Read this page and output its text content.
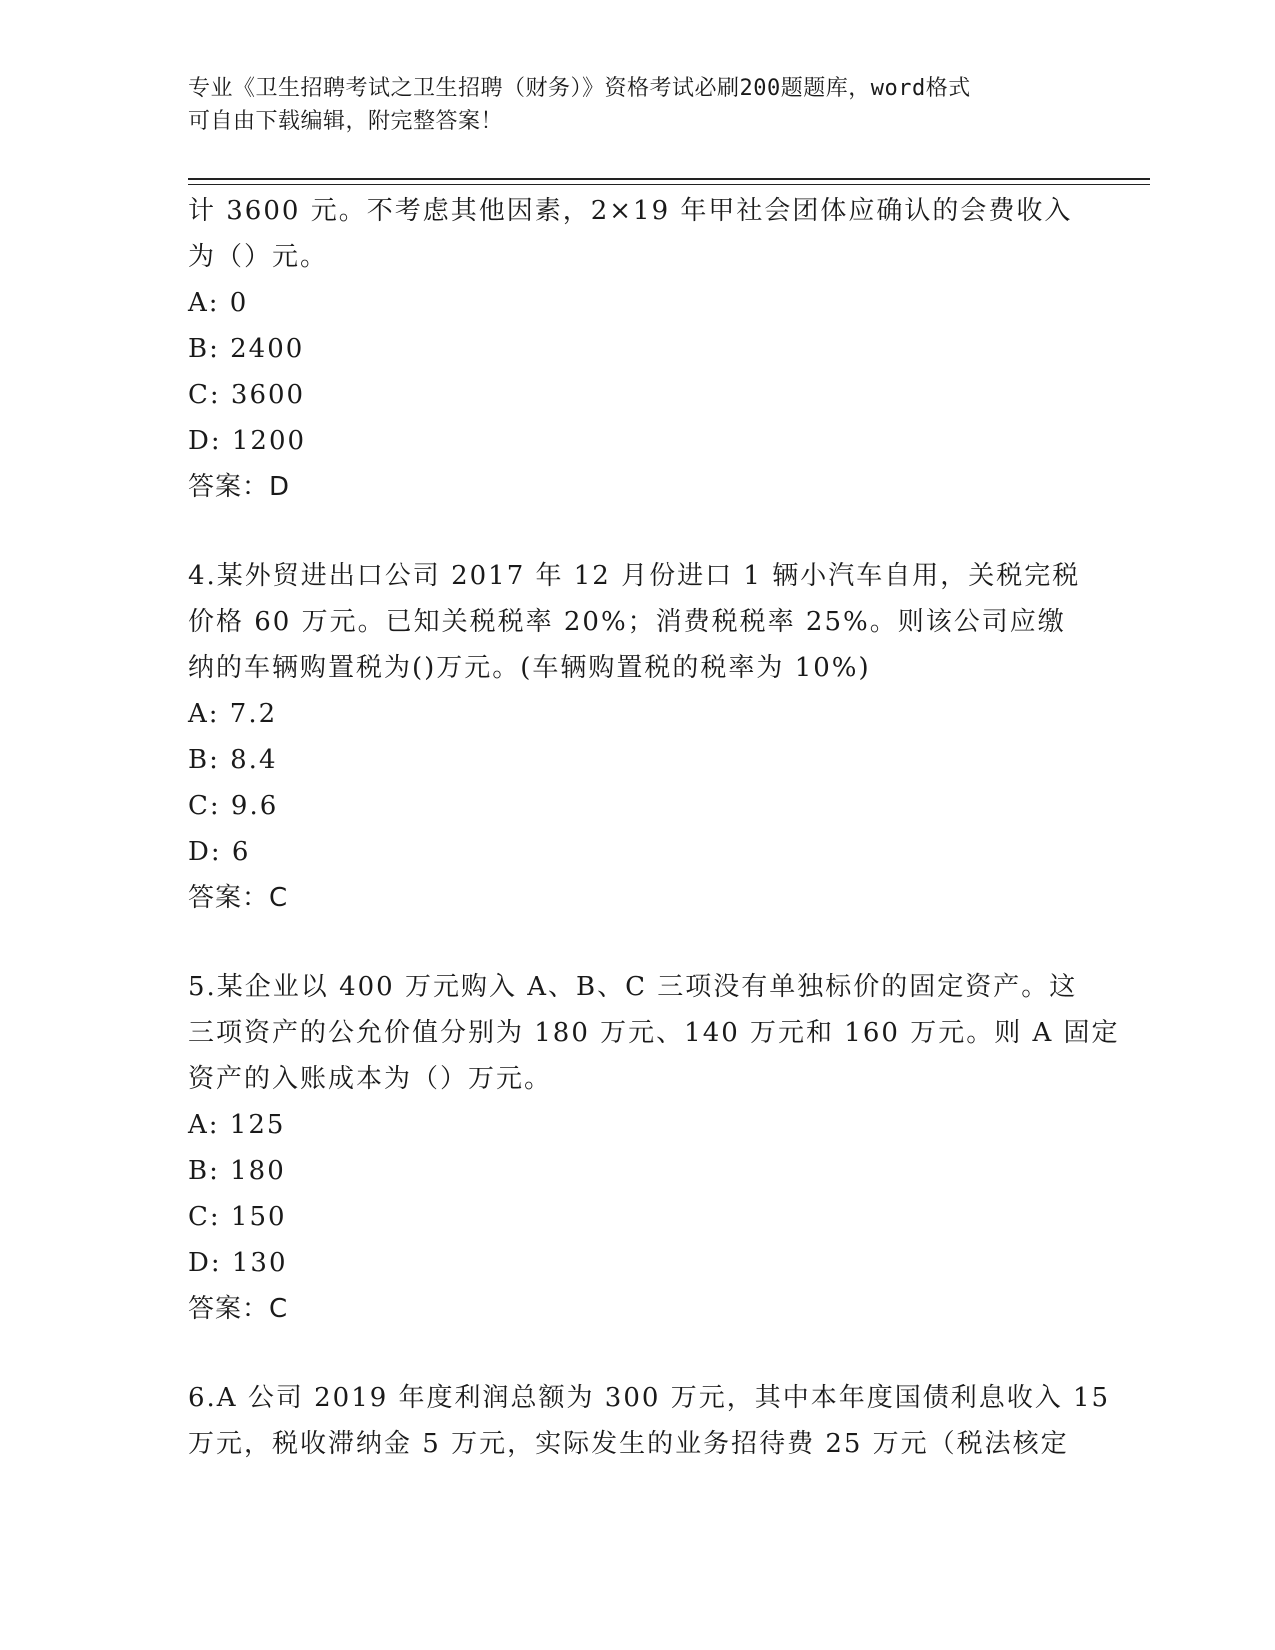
专业《卫生招聘考试之卫生招聘（财务）》资格考试必刷200题题库，word格式
可自由下载编辑，附完整答案！
计 3600 元。不考虑其他因素，2×19 年甲社会团体应确认的会费收入
为（）元。
A: 0
B: 2400
C: 3600
D: 1200
答案：D
4.某外贸进出口公司 2017 年 12 月份进口 1 辆小汽车自用，关税完税
价格 60 万元。已知关税税率 20%；消费税税率 25%。则该公司应缴
纳的车辆购置税为()万元。(车辆购置税的税率为 10%)
A: 7.2
B: 8.4
C: 9.6
D: 6
答案：C
5.某企业以 400 万元购入 A、B、C 三项没有单独标价的固定资产。这
三项资产的公允价值分别为 180 万元、140 万元和 160 万元。则 A 固定
资产的入账成本为（）万元。
A: 125
B: 180
C: 150
D: 130
答案：C
6.A 公司 2019 年度利润总额为 300 万元，其中本年度国债利息收入 15
万元，税收滞纳金 5 万元，实际发生的业务招待费 25 万元（税法核定
